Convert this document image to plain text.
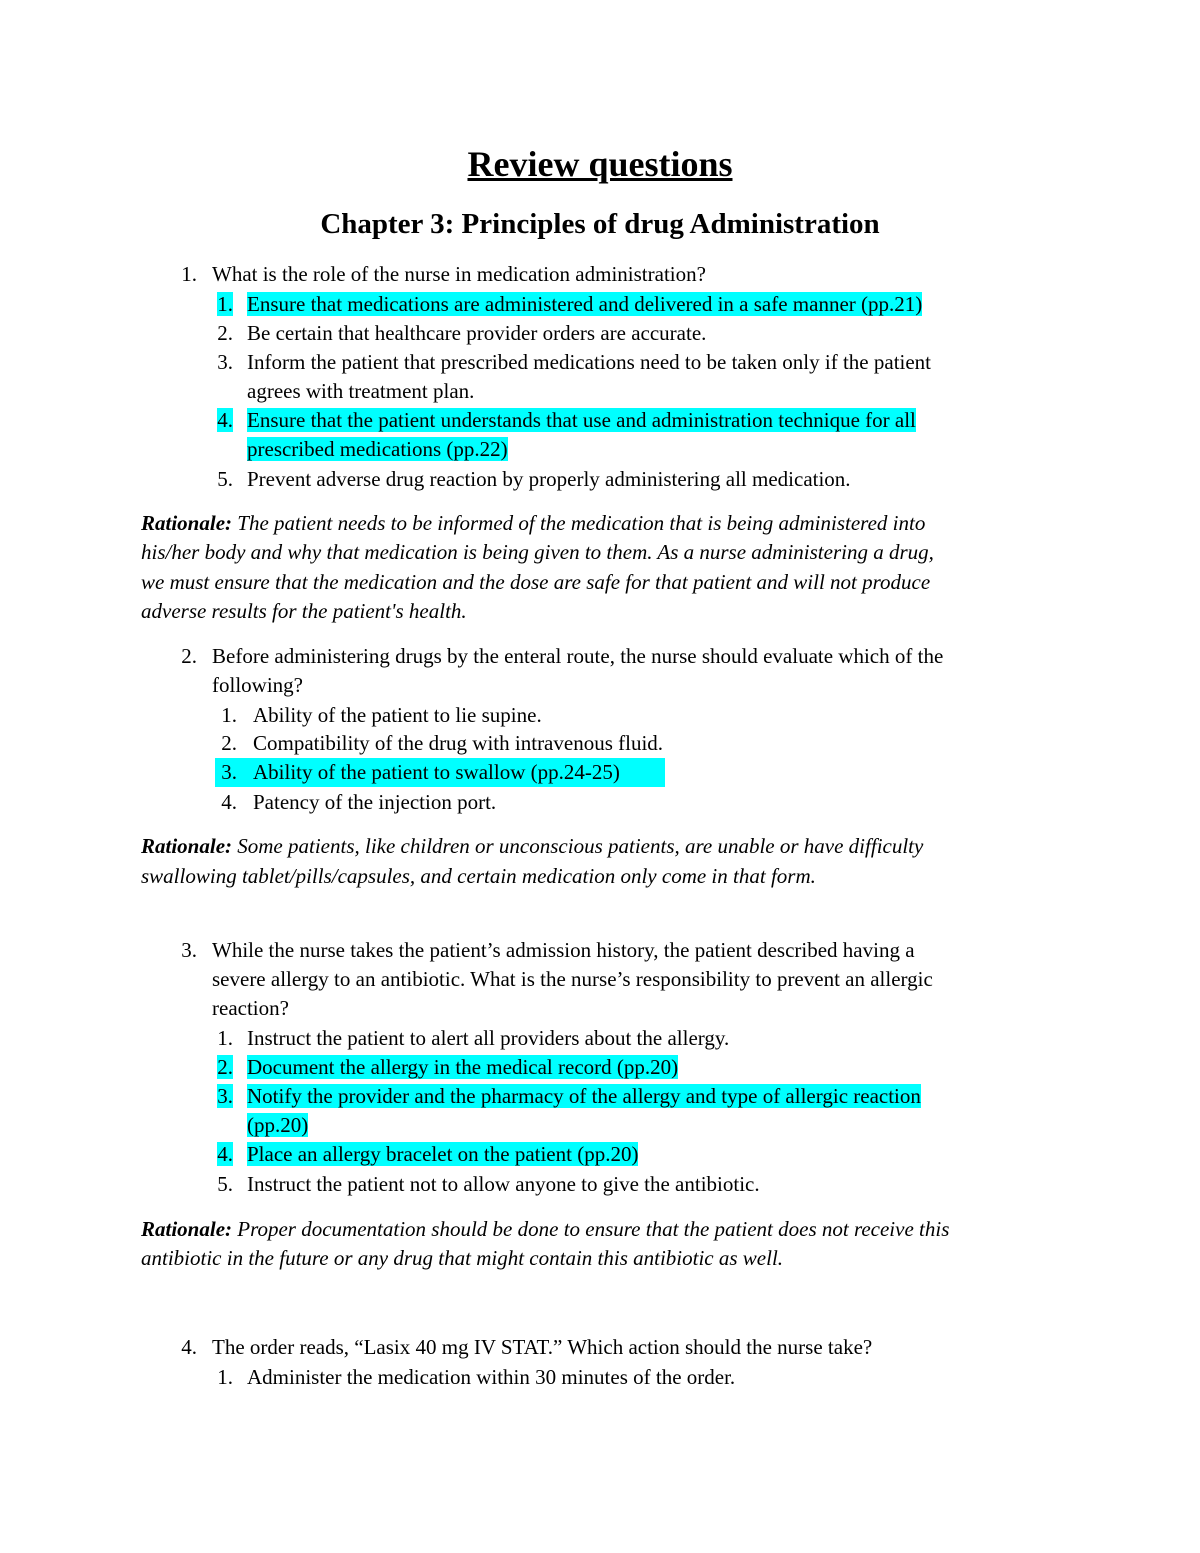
Review questions
Chapter 3: Principles of drug Administration
1. What is the role of the nurse in medication administration?
1. Ensure that medications are administered and delivered in a safe manner (pp.21)
2. Be certain that healthcare provider orders are accurate.
3. Inform the patient that prescribed medications need to be taken only if the patient
agrees with treatment plan.
4. Ensure that the patient understands that use and administration technique for all
prescribed medications (pp.22)
5. Prevent adverse drug reaction by properly administering all medication.
Rationale: The patient needs to be informed of the medication that is being administered into
his/her body and why that medication is being given to them. As a nurse administering a drug,
we must ensure that the medication and the dose are safe for that patient and will not produce
adverse results for the patient's health.
2. Before administering drugs by the enteral route, the nurse should evaluate which of the
following?
1. Ability of the patient to lie supine.
2. Compatibility of the drug with intravenous fluid.
3. Ability of the patient to swallow (pp.24-25)
4. Patency of the injection port.
Rationale: Some patients, like children or unconscious patients, are unable or have difficulty
swallowing tablet/pills/capsules, and certain medication only come in that form.
3. While the nurse takes the patient’s admission history, the patient described having a
severe allergy to an antibiotic. What is the nurse’s responsibility to prevent an allergic
reaction?
1. Instruct the patient to alert all providers about the allergy.
2. Document the allergy in the medical record (pp.20)
3. Notify the provider and the pharmacy of the allergy and type of allergic reaction
(pp.20)
4. Place an allergy bracelet on the patient (pp.20)
5. Instruct the patient not to allow anyone to give the antibiotic.
Rationale: Proper documentation should be done to ensure that the patient does not receive this
antibiotic in the future or any drug that might contain this antibiotic as well.
4. The order reads, “Lasix 40 mg IV STAT.” Which action should the nurse take?
1. Administer the medication within 30 minutes of the order.
